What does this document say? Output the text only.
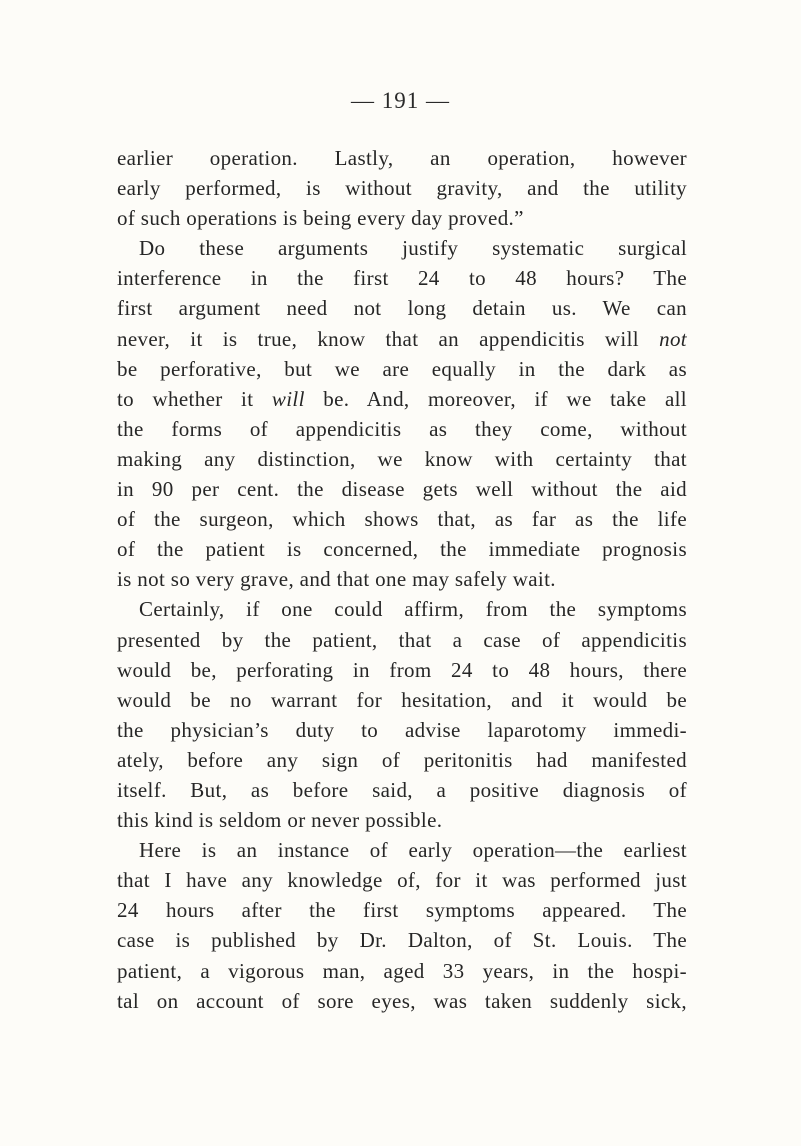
— 191 —
earlier operation. Lastly, an operation, however
early performed, is without gravity, and the utility
of such operations is being every day proved.”
Do these arguments justify systematic surgical
interference in the first 24 to 48 hours? The
first argument need not long detain us. We can
never, it is true, know that an appendicitis will not
be perforative, but we are equally in the dark as
to whether it will be. And, moreover, if we take all
the forms of appendicitis as they come, without
making any distinction, we know with certainty that
in 90 per cent. the disease gets well without the aid
of the surgeon, which shows that, as far as the life
of the patient is concerned, the immediate prognosis
is not so very grave, and that one may safely wait.
Certainly, if one could affirm, from the symptoms
presented by the patient, that a case of appendicitis
would be, perforating in from 24 to 48 hours, there
would be no warrant for hesitation, and it would be
the physician’s duty to advise laparotomy immedi-
ately, before any sign of peritonitis had manifested
itself. But, as before said, a positive diagnosis of
this kind is seldom or never possible.
Here is an instance of early operation—the earliest
that I have any knowledge of, for it was performed just
24 hours after the first symptoms appeared. The
case is published by Dr. Dalton, of St. Louis. The
patient, a vigorous man, aged 33 years, in the hospi-
tal on account of sore eyes, was taken suddenly sick,
